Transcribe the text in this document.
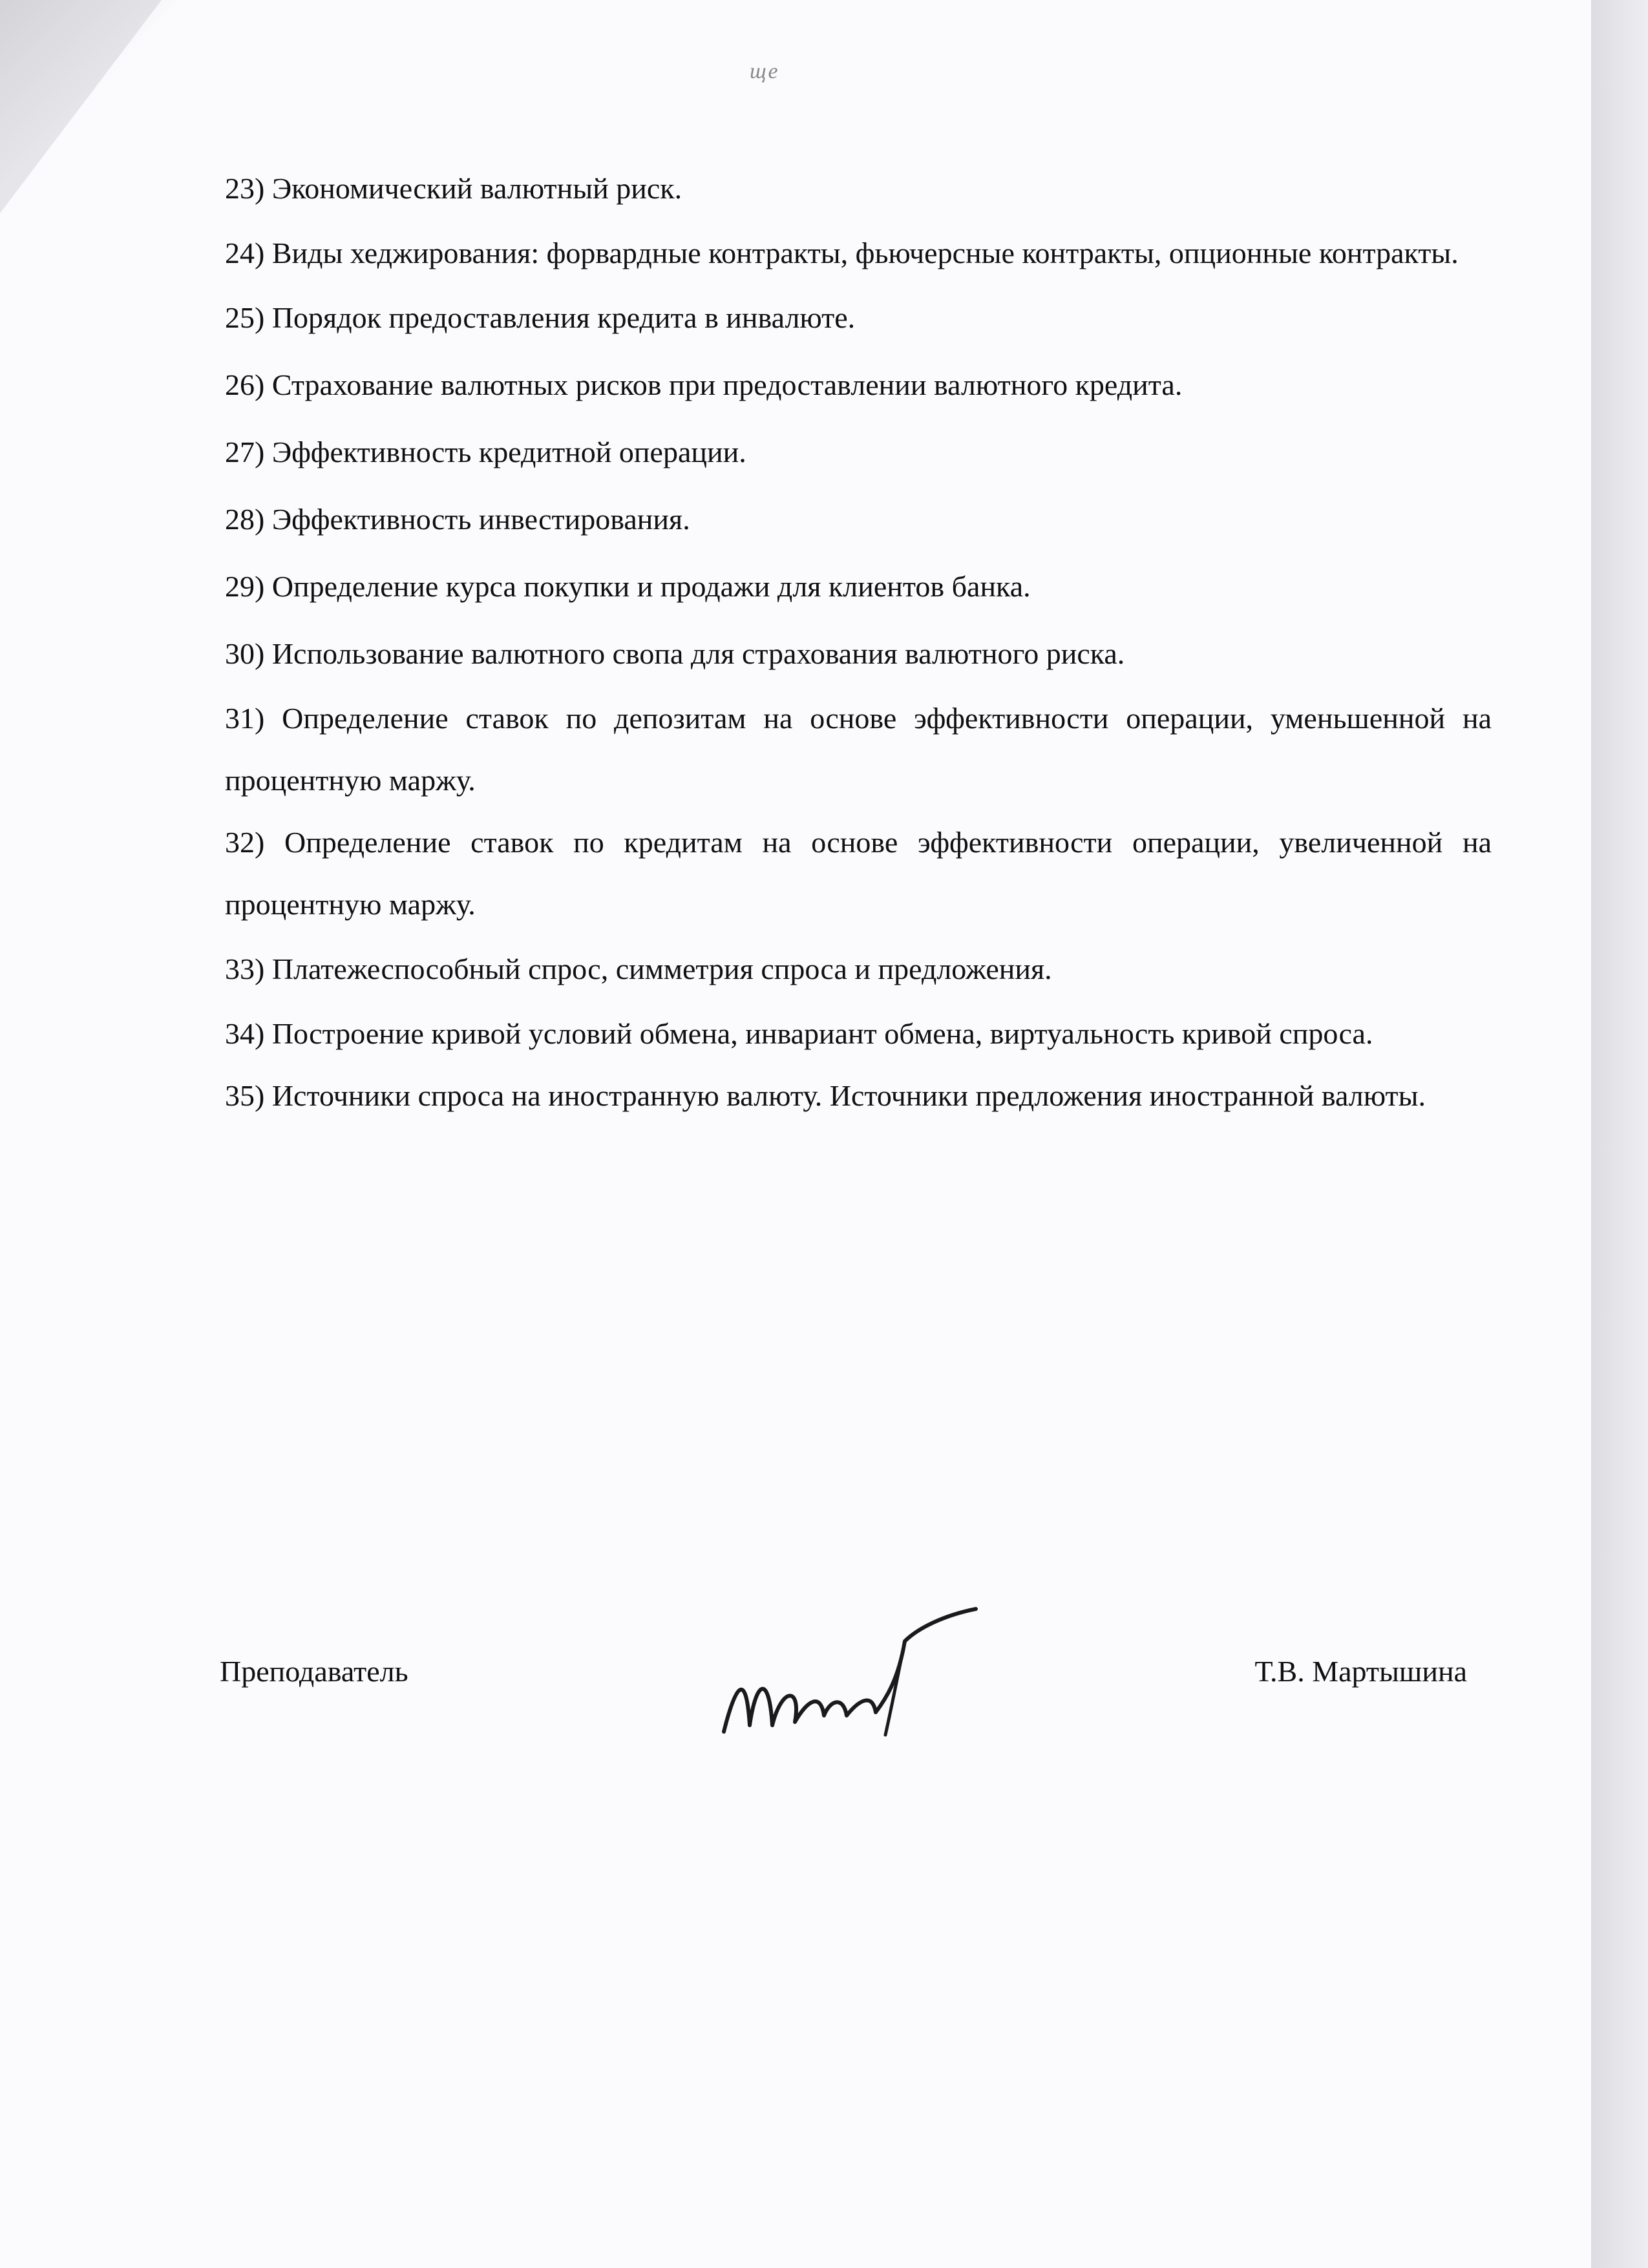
ще

23) Экономический валютный риск.

24) Виды хеджирования: форвардные контракты, фьючерсные контракты, опционные контракты.

25) Порядок предоставления кредита в инвалюте.

26) Страхование валютных рисков при предоставлении валютного кредита.

27) Эффективность кредитной операции.

28) Эффективность инвестирования.

29) Определение курса покупки и продажи для клиентов банка.

30) Использование валютного свопа для страхования валютного риска.

31) Определение ставок по депозитам на основе эффективности операции, уменьшенной на процентную маржу.

32) Определение ставок по кредитам на основе эффективности операции, увеличенной на процентную маржу.

33) Платежеспособный спрос, симметрия спроса и предложения.

34) Построение кривой условий обмена, инвариант обмена, виртуальность кривой спроса.

35) Источники спроса на иностранную валюту. Источники предложения иностранной валюты.

Преподаватель	Т.В. Мартышина
